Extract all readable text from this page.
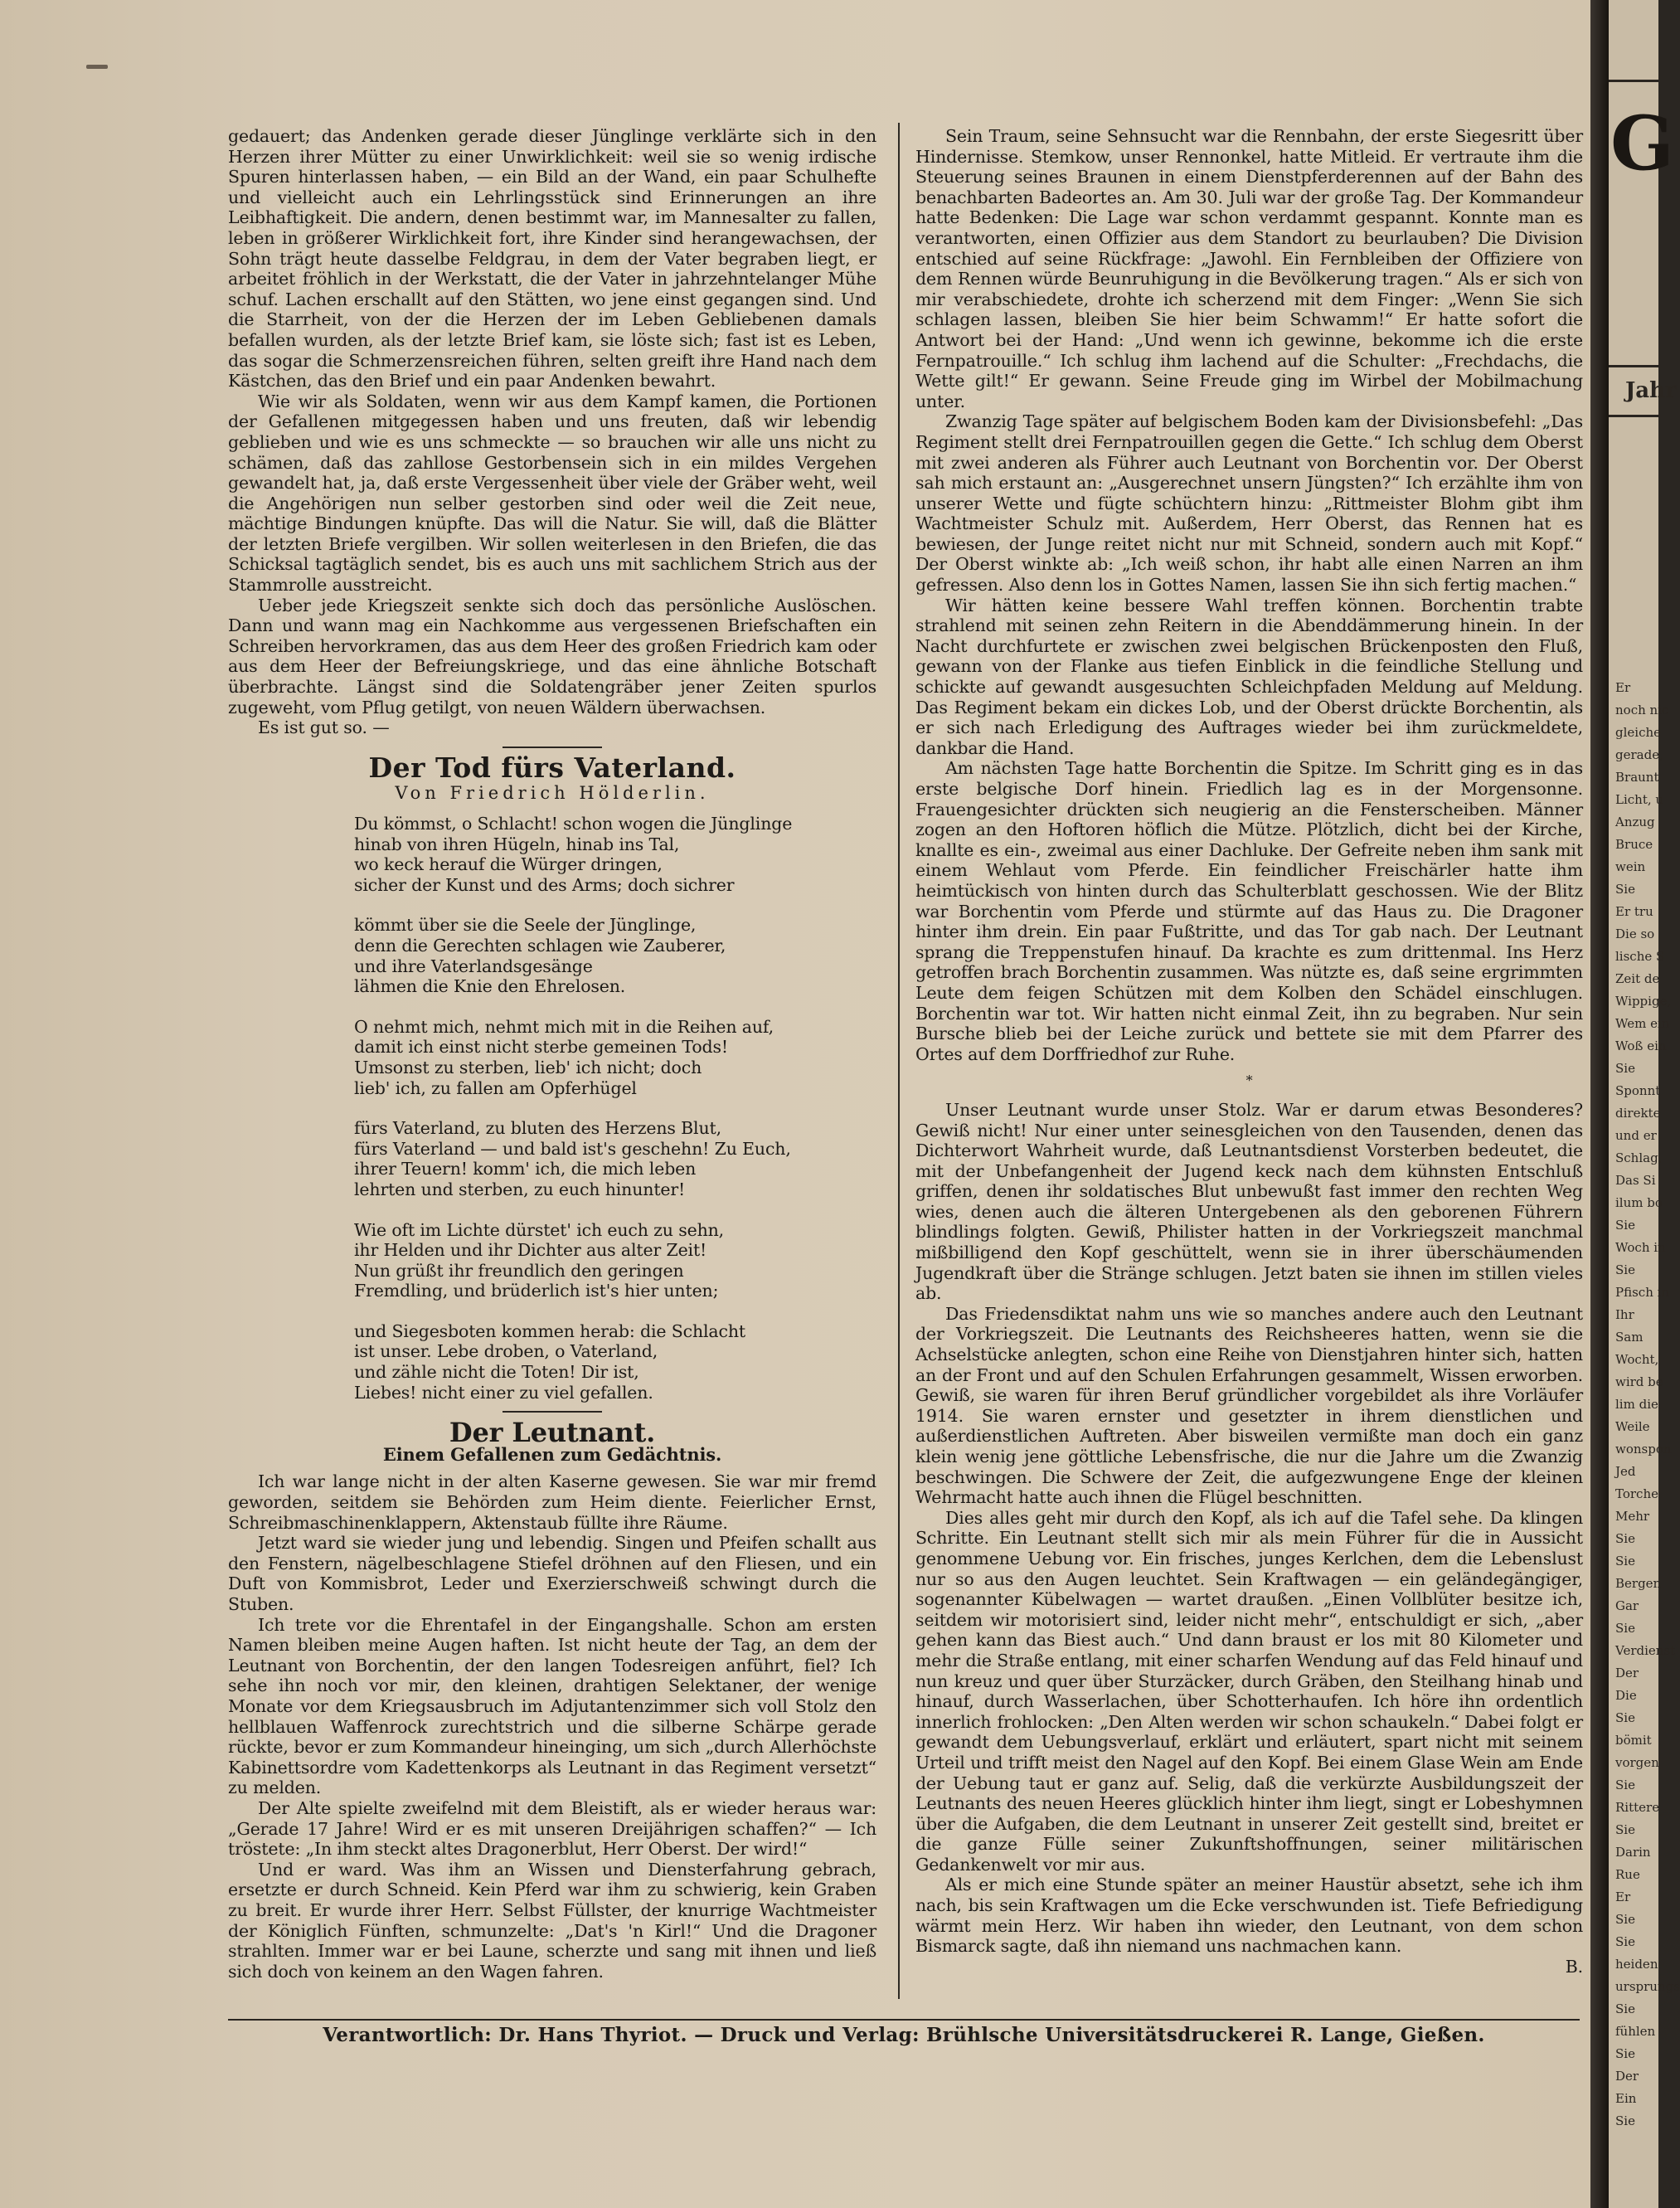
gedauert; das Andenken gerade dieser Jünglinge verklärte sich in den Herzen ihrer Mütter zu einer Unwirklichkeit: weil sie so wenig irdische Spuren hinterlassen haben, — ein Bild an der Wand, ein paar Schulhefte und vielleicht auch ein Lehrlingsstück sind Erinnerungen an ihre Leibhaftigkeit. Die andern, denen bestimmt war, im Mannesalter zu fallen, leben in größerer Wirklichkeit fort, ihre Kinder sind herangewachsen, der Sohn trägt heute dasselbe Feldgrau, in dem der Vater begraben liegt, er arbeitet fröhlich in der Werkstatt, die der Vater in jahrzehntelanger Mühe schuf. Lachen erschallt auf den Stätten, wo jene einst gegangen sind. Und die Starrheit, von der die Herzen der im Leben Gebliebenen damals befallen wurden, als der letzte Brief kam, sie löste sich; fast ist es Leben, das sogar die Schmerzensreichen führen, selten greift ihre Hand nach dem Kästchen, das den Brief und ein paar Andenken bewahrt.

Wie wir als Soldaten, wenn wir aus dem Kampf kamen, die Portionen der Gefallenen mitgegessen haben und uns freuten, daß wir lebendig geblieben und wie es uns schmeckte — so brauchen wir alle uns nicht zu schämen, daß das zahllose Gestorbensein sich in ein mildes Vergehen gewandelt hat, ja, daß erste Vergessenheit über viele der Gräber weht, weil die Angehörigen nun selber gestorben sind oder weil die Zeit neue, mächtige Bindungen knüpfte. Das will die Natur. Sie will, daß die Blätter der letzten Briefe vergilben. Wir sollen weiterlesen in den Briefen, die das Schicksal tagtäglich sendet, bis es auch uns mit sachlichem Strich aus der Stammrolle ausstreicht.

Ueber jede Kriegszeit senkte sich doch das persönliche Auslöschen. Dann und wann mag ein Nachkomme aus vergessenen Briefschaften ein Schreiben hervorkramen, das aus dem Heer des großen Friedrich kam oder aus dem Heer der Befreiungskriege, und das eine ähnliche Botschaft überbrachte. Längst sind die Soldatengräber jener Zeiten spurlos zugeweht, vom Pflug getilgt, von neuen Wäldern überwachsen.

Es ist gut so. —

Der Tod fürs Vaterland.
Von Friedrich Hölderlin.
Du kömmst, o Schlacht! schon wogen die Jünglinge
hinab von ihren Hügeln, hinab ins Tal,
wo keck herauf die Würger dringen,
sicher der Kunst und des Arms; doch sichrer
kömmt über sie die Seele der Jünglinge,
denn die Gerechten schlagen wie Zauberer,
und ihre Vaterlandsgesänge
lähmen die Knie den Ehrelosen.
O nehmt mich, nehmt mich mit in die Reihen auf,
damit ich einst nicht sterbe gemeinen Tods!
Umsonst zu sterben, lieb' ich nicht; doch
lieb' ich, zu fallen am Opferhügel
fürs Vaterland, zu bluten des Herzens Blut,
fürs Vaterland — und bald ist's geschehn! Zu Euch,
ihrer Teuern! komm' ich, die mich leben
lehrten und sterben, zu euch hinunter!
Wie oft im Lichte dürstet' ich euch zu sehn,
ihr Helden und ihr Dichter aus alter Zeit!
Nun grüßt ihr freundlich den geringen
Fremdling, und brüderlich ist's hier unten;
und Siegesboten kommen herab: die Schlacht
ist unser. Lebe droben, o Vaterland,
und zähle nicht die Toten! Dir ist,
Liebes! nicht einer zu viel gefallen.
Der Leutnant.
Einem Gefallenen zum Gedächtnis.

Ich war lange nicht in der alten Kaserne gewesen. Sie war mir fremd geworden, seitdem sie Behörden zum Heim diente. Feierlicher Ernst, Schreibmaschinenklappern, Aktenstaub füllte ihre Räume.

Jetzt ward sie wieder jung und lebendig. Singen und Pfeifen schallt aus den Fenstern, nägelbeschlagene Stiefel dröhnen auf den Fliesen, und ein Duft von Kommisbrot, Leder und Exerzierschweiß schwingt durch die Stuben.

Ich trete vor die Ehrentafel in der Eingangshalle. Schon am ersten Namen bleiben meine Augen haften. Ist nicht heute der Tag, an dem der Leutnant von Borchentin, der den langen Todesreigen anführt, fiel? Ich sehe ihn noch vor mir, den kleinen, drahtigen Selektaner, der wenige Monate vor dem Kriegsausbruch im Adjutantenzimmer sich voll Stolz den hellblauen Waffenrock zurechtstrich und die silberne Schärpe gerade rückte, bevor er zum Kommandeur hineinging, um sich „durch Allerhöchste Kabinettsordre vom Kadettenkorps als Leutnant in das Regiment versetzt“ zu melden.

Der Alte spielte zweifelnd mit dem Bleistift, als er wieder heraus war: „Gerade 17 Jahre! Wird er es mit unseren Dreijährigen schaffen?“ — Ich tröstete: „In ihm steckt altes Dragonerblut, Herr Oberst. Der wird!“

Und er ward. Was ihm an Wissen und Diensterfahrung gebrach, ersetzte er durch Schneid. Kein Pferd war ihm zu schwierig, kein Graben zu breit. Er wurde ihrer Herr. Selbst Füllster, der knurrige Wachtmeister der Königlich Fünften, schmunzelte: „Dat's 'n Kirl!“ Und die Dragoner strahlten. Immer war er bei Laune, scherzte und sang mit ihnen und ließ sich doch von keinem an den Wagen fahren.

Sein Traum, seine Sehnsucht war die Rennbahn, der erste Siegesritt über Hindernisse. Stemkow, unser Rennonkel, hatte Mitleid. Er vertraute ihm die Steuerung seines Braunen in einem Dienstpferderennen auf der Bahn des benachbarten Badeortes an. Am 30. Juli war der große Tag. Der Kommandeur hatte Bedenken: Die Lage war schon verdammt gespannt. Konnte man es verantworten, einen Offizier aus dem Standort zu beurlauben? Die Division entschied auf seine Rückfrage: „Jawohl. Ein Fernbleiben der Offiziere von dem Rennen würde Beunruhigung in die Bevölkerung tragen.“ Als er sich von mir verabschiedete, drohte ich scherzend mit dem Finger: „Wenn Sie sich schlagen lassen, bleiben Sie hier beim Schwamm!“ Er hatte sofort die Antwort bei der Hand: „Und wenn ich gewinne, bekomme ich die erste Fernpatrouille.“ Ich schlug ihm lachend auf die Schulter: „Frechdachs, die Wette gilt!“ Er gewann. Seine Freude ging im Wirbel der Mobilmachung unter.

Zwanzig Tage später auf belgischem Boden kam der Divisionsbefehl: „Das Regiment stellt drei Fernpatrouillen gegen die Gette.“ Ich schlug dem Oberst mit zwei anderen als Führer auch Leutnant von Borchentin vor. Der Oberst sah mich erstaunt an: „Ausgerechnet unsern Jüngsten?“ Ich erzählte ihm von unserer Wette und fügte schüchtern hinzu: „Rittmeister Blohm gibt ihm Wachtmeister Schulz mit. Außerdem, Herr Oberst, das Rennen hat es bewiesen, der Junge reitet nicht nur mit Schneid, sondern auch mit Kopf.“ Der Oberst winkte ab: „Ich weiß schon, ihr habt alle einen Narren an ihm gefressen. Also denn los in Gottes Namen, lassen Sie ihn sich fertig machen.“

Wir hätten keine bessere Wahl treffen können. Borchentin trabte strahlend mit seinen zehn Reitern in die Abenddämmerung hinein. In der Nacht durchfurtete er zwischen zwei belgischen Brückenposten den Fluß, gewann von der Flanke aus tiefen Einblick in die feindliche Stellung und schickte auf gewandt ausgesuchten Schleichpfaden Meldung auf Meldung. Das Regiment bekam ein dickes Lob, und der Oberst drückte Borchentin, als er sich nach Erledigung des Auftrages wieder bei ihm zurückmeldete, dankbar die Hand.

Am nächsten Tage hatte Borchentin die Spitze. Im Schritt ging es in das erste belgische Dorf hinein. Friedlich lag es in der Morgensonne. Frauengesichter drückten sich neugierig an die Fensterscheiben. Männer zogen an den Hoftoren höflich die Mütze. Plötzlich, dicht bei der Kirche, knallte es ein-, zweimal aus einer Dachluke. Der Gefreite neben ihm sank mit einem Wehlaut vom Pferde. Ein feindlicher Freischärler hatte ihm heimtückisch von hinten durch das Schulterblatt geschossen. Wie der Blitz war Borchentin vom Pferde und stürmte auf das Haus zu. Die Dragoner hinter ihm drein. Ein paar Fußtritte, und das Tor gab nach. Der Leutnant sprang die Treppenstufen hinauf. Da krachte es zum drittenmal. Ins Herz getroffen brach Borchentin zusammen. Was nützte es, daß seine ergrimmten Leute dem feigen Schützen mit dem Kolben den Schädel einschlugen. Borchentin war tot. Wir hatten nicht einmal Zeit, ihn zu begraben. Nur sein Bursche blieb bei der Leiche zurück und bettete sie mit dem Pfarrer des Ortes auf dem Dorffriedhof zur Ruhe.

*

Unser Leutnant wurde unser Stolz. War er darum etwas Besonderes? Gewiß nicht! Nur einer unter seinesgleichen von den Tausenden, denen das Dichterwort Wahrheit wurde, daß Leutnantsdienst Vorsterben bedeutet, die mit der Unbefangenheit der Jugend keck nach dem kühnsten Entschluß griffen, denen ihr soldatisches Blut unbewußt fast immer den rechten Weg wies, denen auch die älteren Untergebenen als den geborenen Führern blindlings folgten. Gewiß, Philister hatten in der Vorkriegszeit manchmal mißbilligend den Kopf geschüttelt, wenn sie in ihrer überschäumenden Jugendkraft über die Stränge schlugen. Jetzt baten sie ihnen im stillen vieles ab.

Das Friedensdiktat nahm uns wie so manches andere auch den Leutnant der Vorkriegszeit. Die Leutnants des Reichsheeres hatten, wenn sie die Achselstücke anlegten, schon eine Reihe von Dienstjahren hinter sich, hatten an der Front und auf den Schulen Erfahrungen gesammelt, Wissen erworben. Gewiß, sie waren für ihren Beruf gründlicher vorgebildet als ihre Vorläufer 1914. Sie waren ernster und gesetzter in ihrem dienstlichen und außerdienstlichen Auftreten. Aber bisweilen vermißte man doch ein ganz klein wenig jene göttliche Lebensfrische, die nur die Jahre um die Zwanzig beschwingen. Die Schwere der Zeit, die aufgezwungene Enge der kleinen Wehrmacht hatte auch ihnen die Flügel beschnitten.

Dies alles geht mir durch den Kopf, als ich auf die Tafel sehe. Da klingen Schritte. Ein Leutnant stellt sich mir als mein Führer für die in Aussicht genommene Uebung vor. Ein frisches, junges Kerlchen, dem die Lebenslust nur so aus den Augen leuchtet. Sein Kraftwagen — ein geländegängiger, sogenannter Kübelwagen — wartet draußen. „Einen Vollblüter besitze ich, seitdem wir motorisiert sind, leider nicht mehr“, entschuldigt er sich, „aber gehen kann das Biest auch.“ Und dann braust er los mit 80 Kilometer und mehr die Straße entlang, mit einer scharfen Wendung auf das Feld hinauf und nun kreuz und quer über Sturzäcker, durch Gräben, den Steilhang hinab und hinauf, durch Wasserlachen, über Schotterhaufen. Ich höre ihn ordentlich innerlich frohlocken: „Den Alten werden wir schon schaukeln.“ Dabei folgt er gewandt dem Uebungsverlauf, erklärt und erläutert, spart nicht mit seinem Urteil und trifft meist den Nagel auf den Kopf. Bei einem Glase Wein am Ende der Uebung taut er ganz auf. Selig, daß die verkürzte Ausbildungszeit der Leutnants des neuen Heeres glücklich hinter ihm liegt, singt er Lobeshymnen über die Aufgaben, die dem Leutnant in unserer Zeit gestellt sind, breitet er die ganze Fülle seiner Zukunftshoffnungen, seiner militärischen Gedankenwelt vor mir aus.

Als er mich eine Stunde später an meiner Haustür absetzt, sehe ich ihm nach, bis sein Kraftwagen um die Ecke verschwunden ist. Tiefe Befriedigung wärmt mein Herz. Wir haben ihn wieder, den Leutnant, von dem schon Bismarck sagte, daß ihn niemand uns nachmachen kann.

B.

Verantwortlich: Dr. Hans Thyriot. — Druck und Verlag: Brühlsche Universitätsdruckerei R. Lange, Gießen.
G
Jahr
Er
noch nic
gleiche
gerade,
Braunt
Licht, u
Anzug
Bruce
wein
Sie
Er tru
Die so
lische S
Zeit de
Wippige,
Wem ein
Woß ein
Sie
Sponnt
direkte
und er
Schlag,
Das Si
ilum bo
Sie
Woch in
Sie
Pfisch in
Ihr
Sam
Wocht,
wird be
lim die
Weile
wonspon
Jed
Torche
Mehr
Sie
Sie
Bergen
Gar
Sie
Verdienst
Der
Die
Sie
bömit
vorgen
Sie
Rittere
Sie
Darin
Rue
Er
Sie
Sie
heiden
ursprungs
Sie
fühlen
Sie
Der
Ein
Sie
